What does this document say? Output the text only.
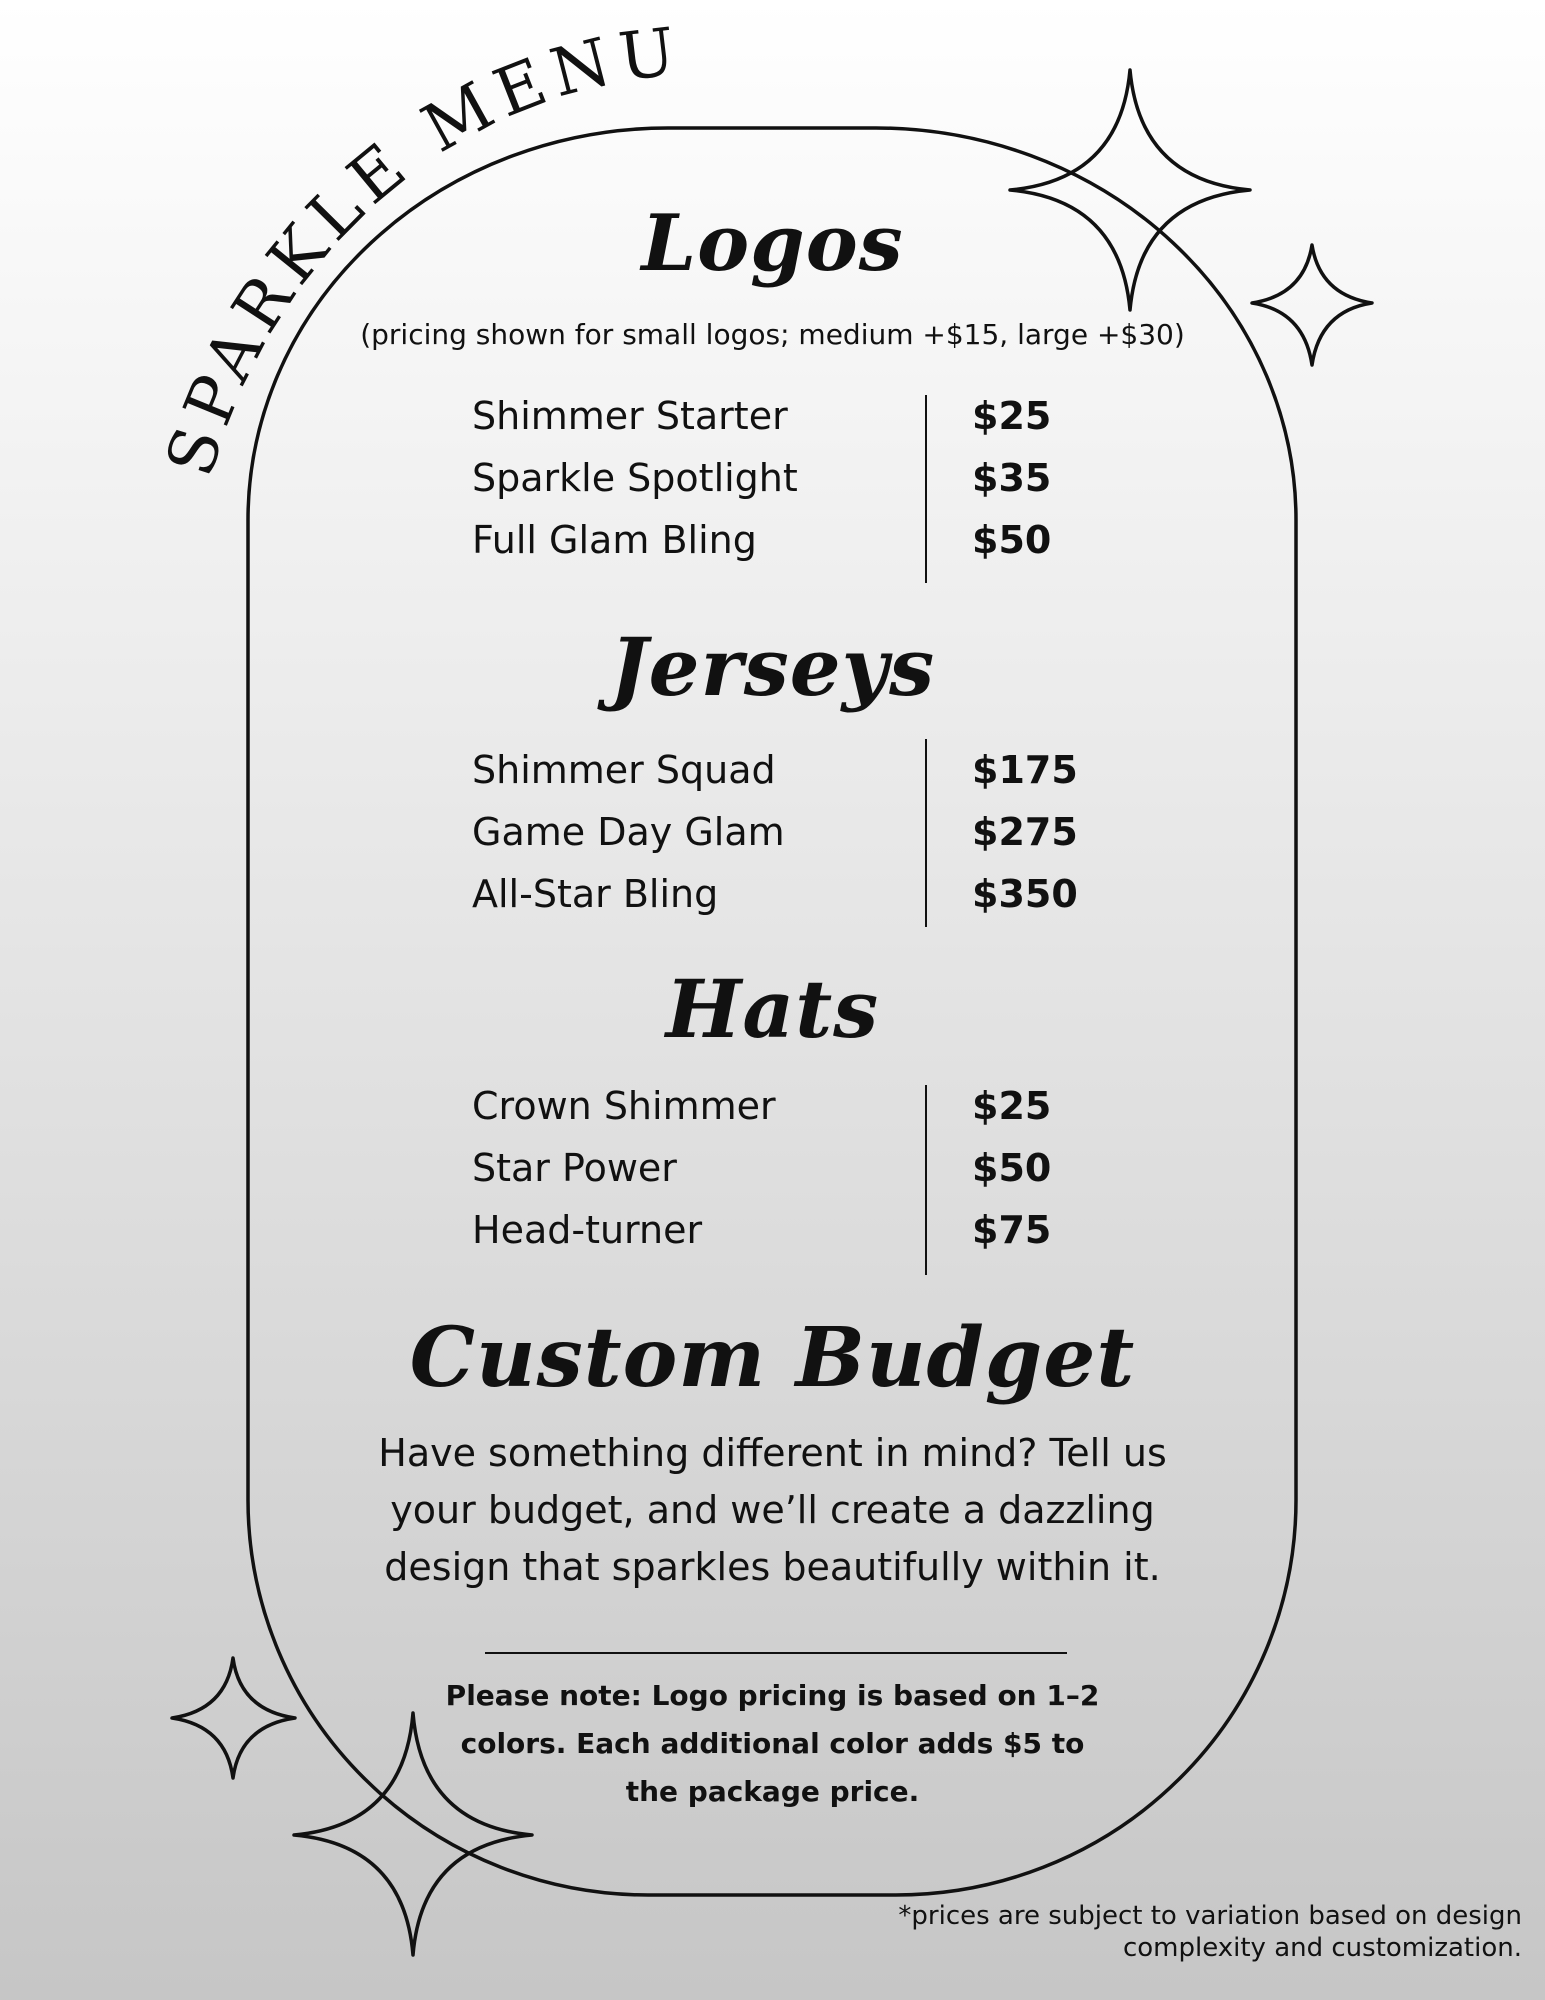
SPARKLE MENU
Logos
(pricing shown for small logos; medium +$15, large +$30)
Shimmer Starter	$25
Sparkle Spotlight	$35
Full Glam Bling	$50
Jerseys
Shimmer Squad	$175
Game Day Glam	$275
All-Star Bling	$350
Hats
Crown Shimmer	$25
Star Power	$50
Head-turner	$75
Custom Budget

Have something different in mind? Tell us your budget, and we’ll create a dazzling design that sparkles beautifully within it.

Please note: Logo pricing is based on 1–2 colors. Each additional color adds $5 to the package price.

*prices are subject to variation based on design complexity and customization.
